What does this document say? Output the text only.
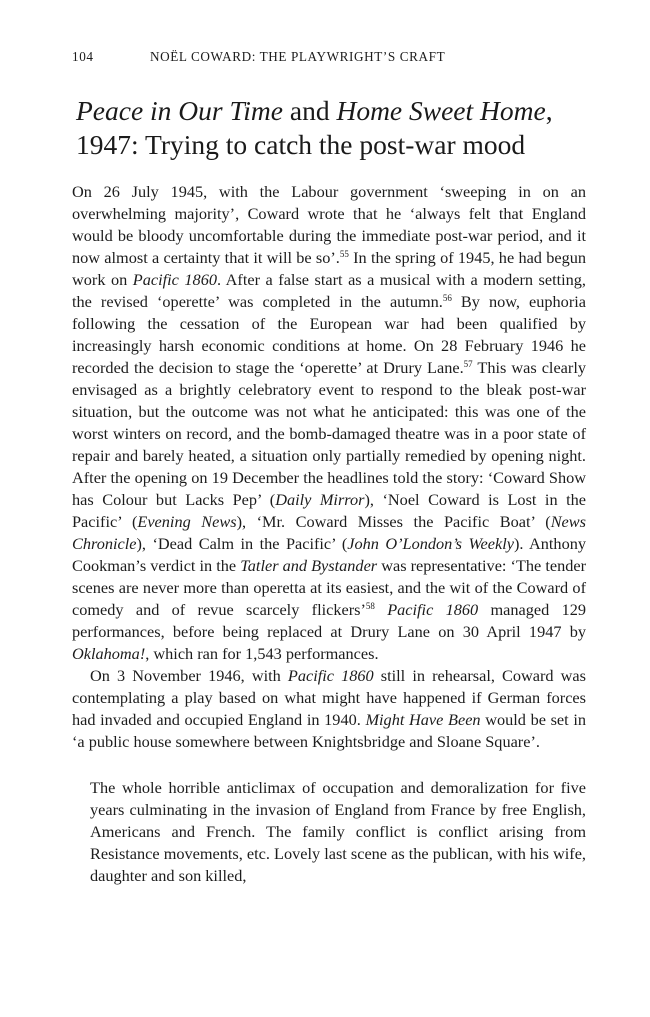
104	NOËL COWARD: THE PLAYWRIGHT’S CRAFT
Peace in Our Time and Home Sweet Home,
1947: Trying to catch the post-war mood

On 26 July 1945, with the Labour government ‘sweeping in on an overwhelming majority’, Coward wrote that he ‘always felt that England would be bloody uncomfortable during the immediate post-war period, and it now almost a certainty that it will be so’.$^{55}$ In the spring of 1945, he had begun work on Pacific 1860. After a false start as a musical with a modern setting, the revised ‘operette’ was completed in the autumn.$^{56}$ By now, euphoria following the cessation of the European war had been qualified by increasingly harsh economic conditions at home. On 28 February 1946 he recorded the decision to stage the ‘operette’ at Drury Lane.$^{57}$ This was clearly envisaged as a brightly celebratory event to respond to the bleak post-war situation, but the outcome was not what he anticipated: this was one of the worst winters on record, and the bomb-damaged theatre was in a poor state of repair and barely heated, a situation only partially remedied by opening night. After the opening on 19 December the headlines told the story: ‘Coward Show has Colour but Lacks Pep’ (Daily Mirror), ‘Noel Coward is Lost in the Pacific’ (Evening News), ‘Mr. Coward Misses the Pacific Boat’ (News Chronicle), ‘Dead Calm in the Pacific’ (John O’London’s Weekly). Anthony Cookman’s verdict in the Tatler and Bystander was representative: ‘The tender scenes are never more than operetta at its easiest, and the wit of the Coward of comedy and of revue scarcely flickers’$^{58}$ Pacific 1860 managed 129 performances, before being replaced at Drury Lane on 30 April 1947 by Oklahoma!, which ran for 1,543 performances.

On 3 November 1946, with Pacific 1860 still in rehearsal, Coward was contemplating a play based on what might have happened if German forces had invaded and occupied England in 1940. Might Have Been would be set in ‘a public house somewhere between Knightsbridge and Sloane Square’.

The whole horrible anticlimax of occupation and demoralization for five years culminating in the invasion of England from France by free English, Americans and French. The family conflict is conflict arising from Resistance movements, etc. Lovely last scene as the publican, with his wife, daughter and son killed,
